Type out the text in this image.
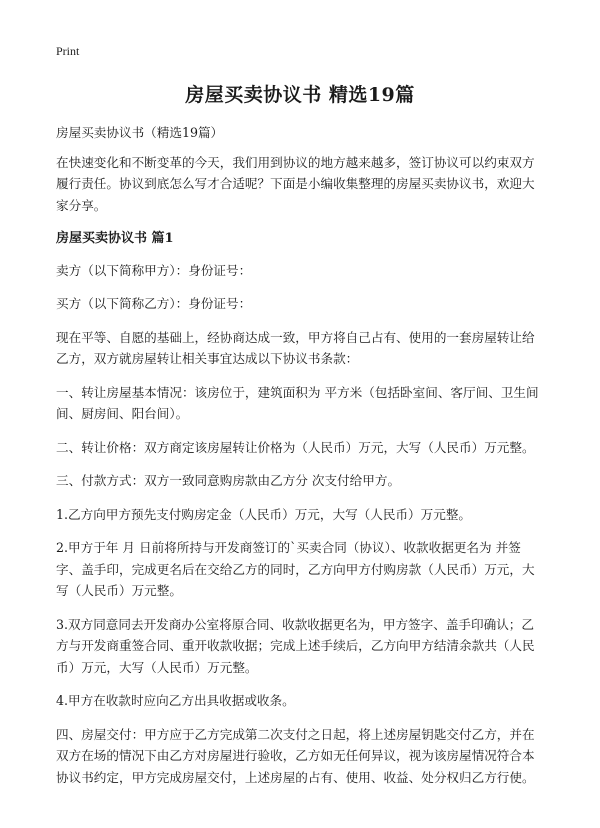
Print
房屋买卖协议书 精选19篇

房屋买卖协议书（精选19篇）

在快速变化和不断变革的今天，我们用到协议的地方越来越多，签订协议可以约束双方履行责任。协议到底怎么写才合适呢？下面是小编收集整理的房屋买卖协议书，欢迎大家分享。

房屋买卖协议书 篇1

卖方（以下简称甲方）：身份证号：

买方（以下简称乙方）：身份证号：

现在平等、自愿的基础上，经协商达成一致，甲方将自己占有、使用的一套房屋转让给乙方，双方就房屋转让相关事宜达成以下协议书条款：

一、转让房屋基本情况：该房位于，建筑面积为 平方米（包括卧室间、客厅间、卫生间间、厨房间、阳台间）。

二、转让价格：双方商定该房屋转让价格为（人民币）万元，大写（人民币）万元整。

三、付款方式：双方一致同意购房款由乙方分 次支付给甲方。

1.乙方向甲方预先支付购房定金（人民币）万元，大写（人民币）万元整。

2.甲方于年 月 日前将所持与开发商签订的`买卖合同（协议）、收款收据更名为 并签字、盖手印，完成更名后在交给乙方的同时，乙方向甲方付购房款（人民币）万元，大写（人民币）万元整。

3.双方同意同去开发商办公室将原合同、收款收据更名为，甲方签字、盖手印确认；乙方与开发商重签合同、重开收款收据；完成上述手续后，乙方向甲方结清余款共（人民币）万元，大写（人民币）万元整。

4.甲方在收款时应向乙方出具收据或收条。

四、房屋交付：甲方应于乙方完成第二次支付之日起，将上述房屋钥匙交付乙方，并在双方在场的情况下由乙方对房屋进行验收，乙方如无任何异议，视为该房屋情况符合本协议书约定，甲方完成房屋交付，上述房屋的占有、使用、收益、处分权归乙方行使。
